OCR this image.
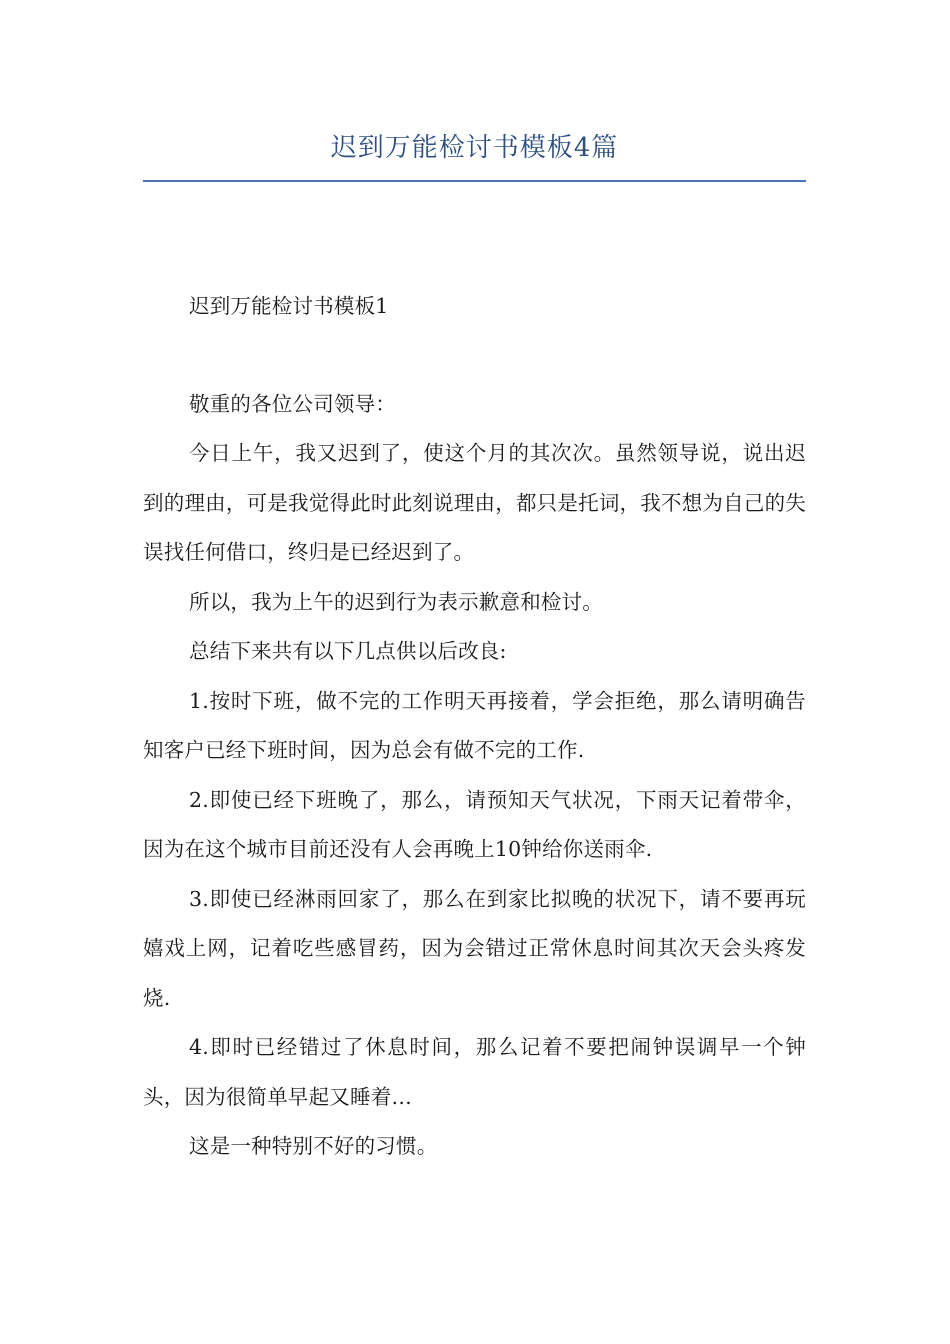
迟到万能检讨书模板4篇

迟到万能检讨书模板1

敬重的各位公司领导：

今日上午，我又迟到了，使这个月的其次次。虽然领导说，说出迟到的理由，可是我觉得此时此刻说理由，都只是托词，我不想为自己的失误找任何借口，终归是已经迟到了。

所以，我为上午的迟到行为表示歉意和检讨。

总结下来共有以下几点供以后改良:

1.按时下班，做不完的工作明天再接着，学会拒绝，那么请明确告知客户已经下班时间，因为总会有做不完的工作.

2.即使已经下班晚了，那么，请预知天气状况，下雨天记着带伞，因为在这个城市目前还没有人会再晚上10钟给你送雨伞.

3.即使已经淋雨回家了，那么在到家比拟晚的状况下，请不要再玩嬉戏上网，记着吃些感冒药，因为会错过正常休息时间其次天会头疼发烧.

4.即时已经错过了休息时间，那么记着不要把闹钟误调早一个钟头，因为很简单早起又睡着…

这是一种特别不好的习惯。
